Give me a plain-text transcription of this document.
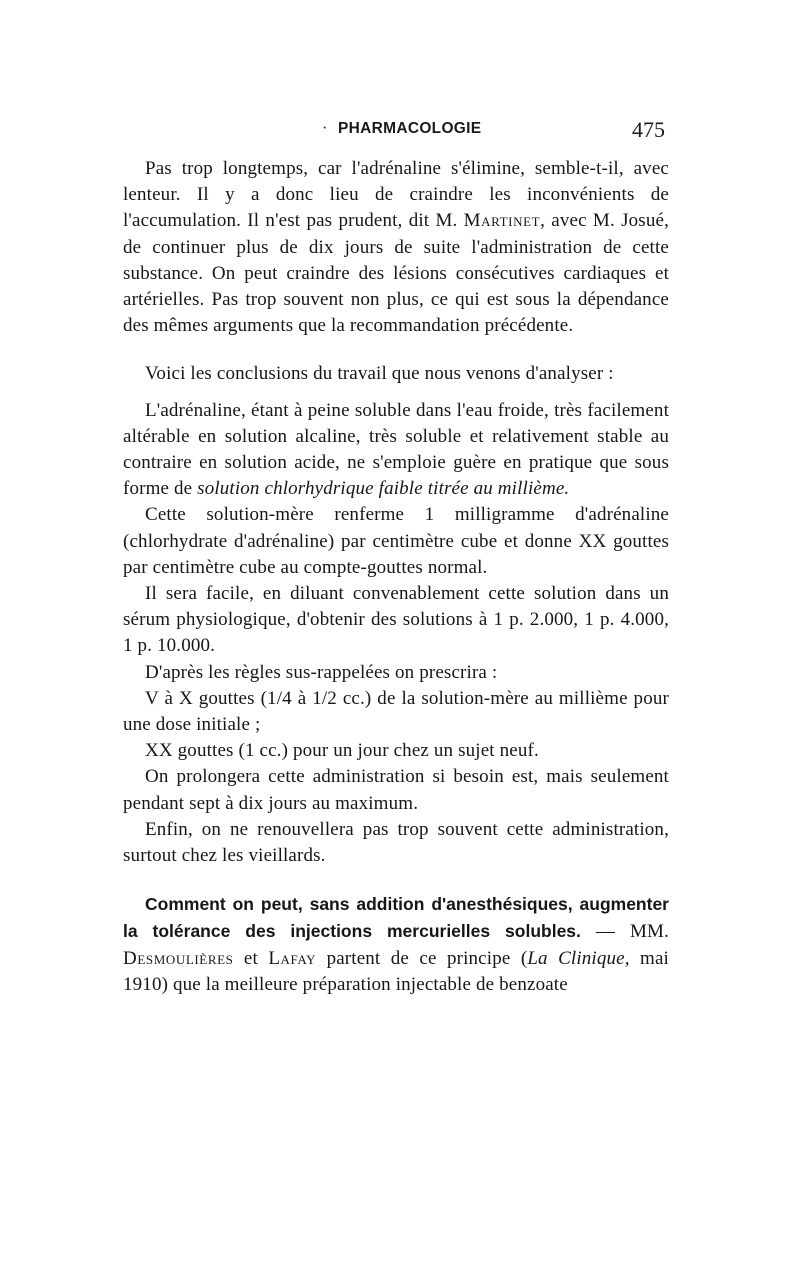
· PHARMACOLOGIE	475

Pas trop longtemps, car l'adrénaline s'élimine, semble-t-il, avec lenteur. Il y a donc lieu de craindre les inconvénients de l'accumulation. Il n'est pas prudent, dit M. Martinet, avec M. Josué, de continuer plus de dix jours de suite l'administration de cette substance. On peut craindre des lésions consécutives cardiaques et artérielles. Pas trop souvent non plus, ce qui est sous la dépendance des mêmes arguments que la recommandation précédente.

Voici les conclusions du travail que nous venons d'analyser :

L'adrénaline, étant à peine soluble dans l'eau froide, très facilement altérable en solution alcaline, très soluble et relativement stable au contraire en solution acide, ne s'emploie guère en pratique que sous forme de solution chlorhydrique faible titrée au millième.

Cette solution-mère renferme 1 milligramme d'adrénaline (chlorhydrate d'adrénaline) par centimètre cube et donne XX gouttes par centimètre cube au compte-gouttes normal.

Il sera facile, en diluant convenablement cette solution dans un sérum physiologique, d'obtenir des solutions à 1 p. 2.000, 1 p. 4.000, 1 p. 10.000.

D'après les règles sus-rappelées on prescrira :

V à X gouttes (1/4 à 1/2 cc.) de la solution-mère au millième pour une dose initiale ;

XX gouttes (1 cc.) pour un jour chez un sujet neuf.

On prolongera cette administration si besoin est, mais seulement pendant sept à dix jours au maximum.

Enfin, on ne renouvellera pas trop souvent cette administration, surtout chez les vieillards.

Comment on peut, sans addition d'anesthésiques, augmenter la tolérance des injections mercurielles solubles. — MM. Desmoulières et Lafay partent de ce principe (La Clinique, mai 1910) que la meilleure préparation injectable de benzoate
